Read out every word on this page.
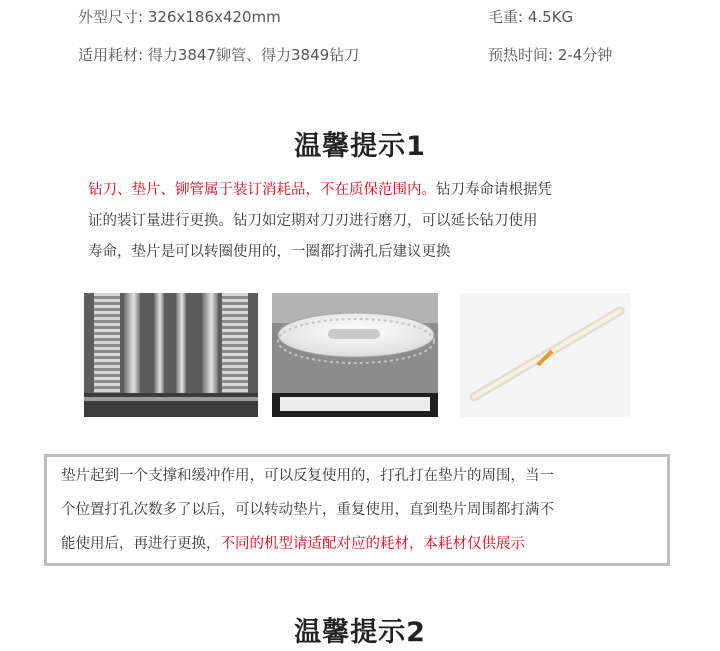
外型尺寸: 326x186x420mm	毛重: 4.5KG
适用耗材: 得力3847铆管、得力3849钻刀	预热时间: 2-4分钟
温馨提示1

钻刀、垫片、铆管属于装订消耗品，不在质保范围内。钻刀寿命请根据凭
证的装订量进行更换。钻刀如定期对刀刃进行磨刀，可以延长钻刀使用
寿命，垫片是可以转圈使用的，一圈都打满孔后建议更换

垫片起到一个支撑和缓冲作用，可以反复使用的，打孔打在垫片的周围，当一
个位置打孔次数多了以后，可以转动垫片，重复使用，直到垫片周围都打满不
能使用后，再进行更换，不同的机型请适配对应的耗材，本耗材仅供展示

温馨提示2
